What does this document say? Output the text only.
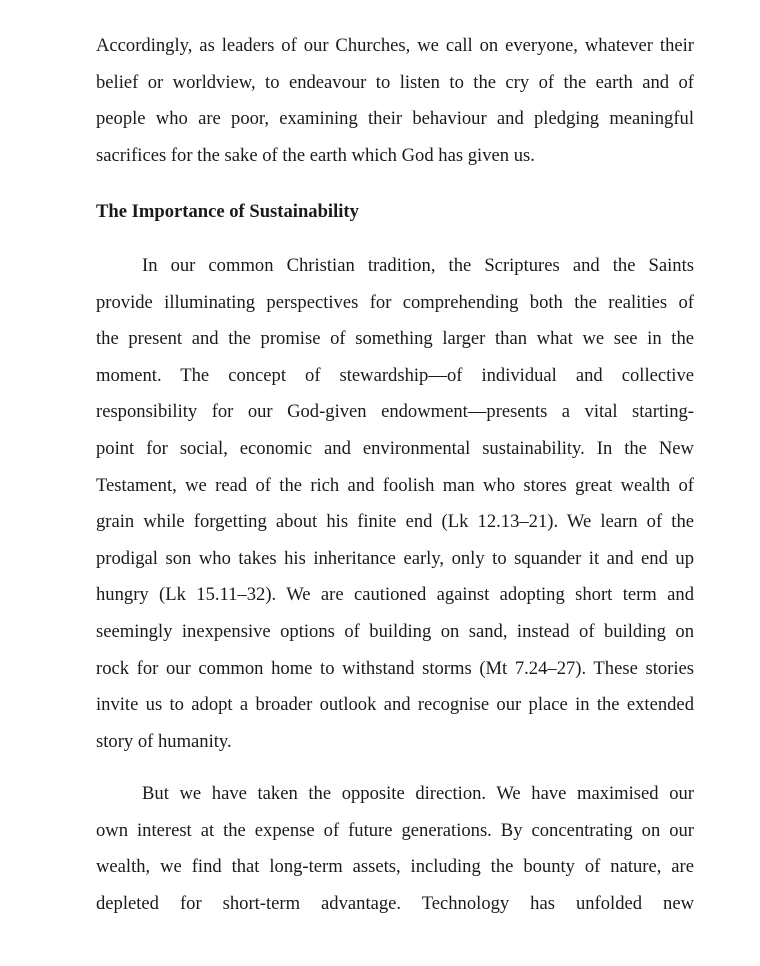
Accordingly, as leaders of our Churches, we call on everyone, whatever their
belief or worldview, to endeavour to listen to the cry of the earth and of
people who are poor, examining their behaviour and pledging meaningful
sacrifices for the sake of the earth which God has given us.
The Importance of Sustainability
In our common Christian tradition, the Scriptures and the Saints
provide illuminating perspectives for comprehending both the realities of
the present and the promise of something larger than what we see in the
moment. The concept of stewardship—of individual and collective
responsibility for our God-given endowment—presents a vital starting-
point for social, economic and environmental sustainability. In the New
Testament, we read of the rich and foolish man who stores great wealth of
grain while forgetting about his finite end (Lk 12.13–21). We learn of the
prodigal son who takes his inheritance early, only to squander it and end up
hungry (Lk 15.11–32). We are cautioned against adopting short term and
seemingly inexpensive options of building on sand, instead of building on
rock for our common home to withstand storms (Mt 7.24–27). These stories
invite us to adopt a broader outlook and recognise our place in the extended
story of humanity.
But we have taken the opposite direction. We have maximised our
own interest at the expense of future generations. By concentrating on our
wealth, we find that long-term assets, including the bounty of nature, are
depleted for short-term advantage. Technology has unfolded new
